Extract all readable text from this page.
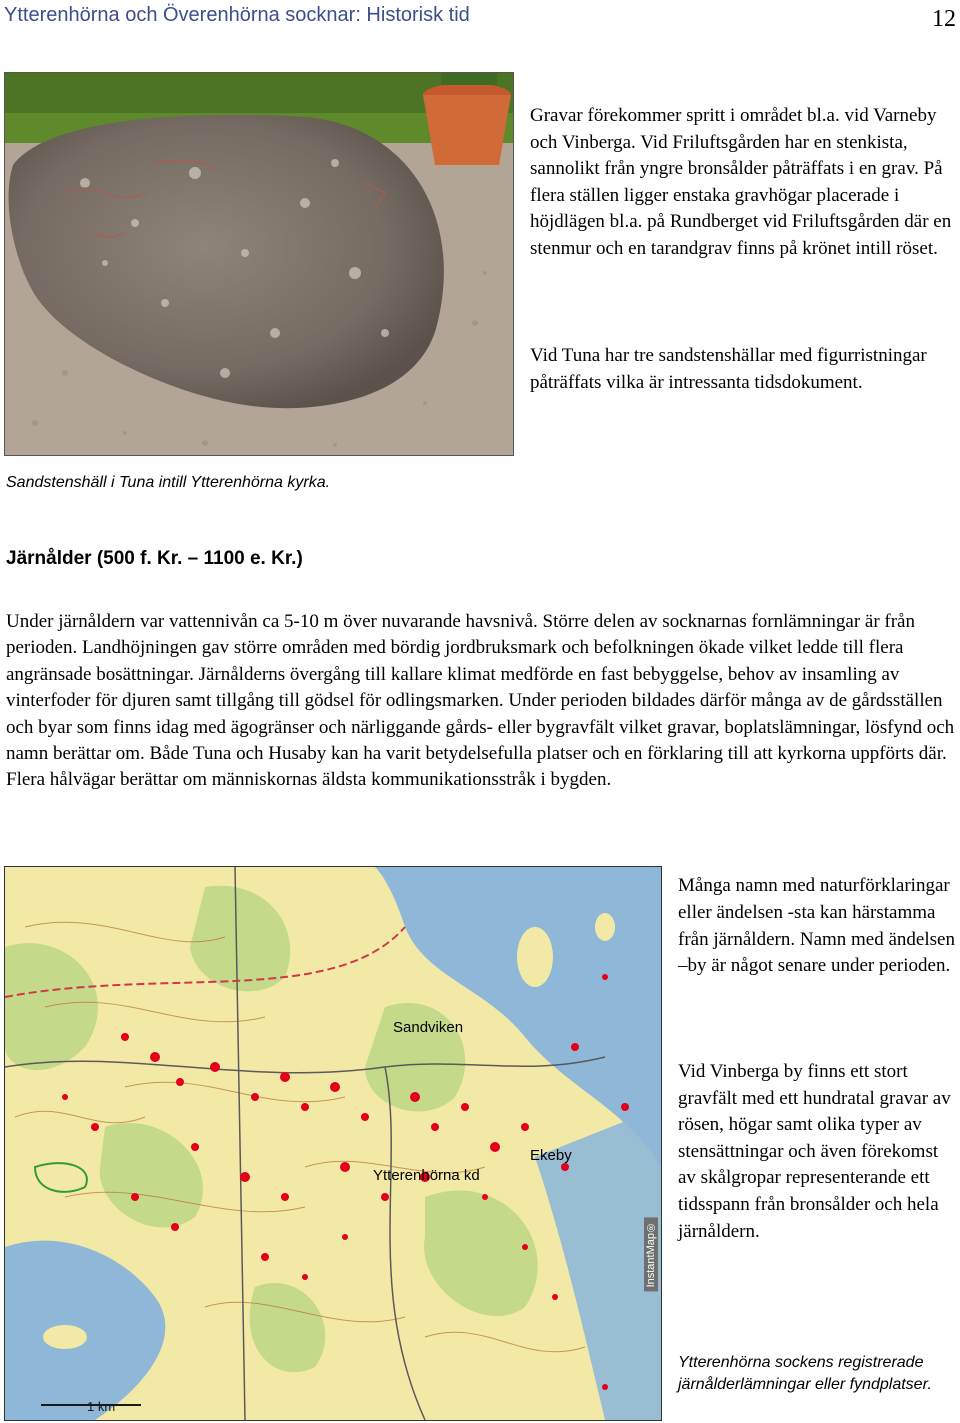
Ytterenhörna och Överenhörna socknar: Historisk tid	12
Gravar förekommer spritt i området bl.a. vid Varneby och Vinberga. Vid Friluftsgården har en stenkista, sannolikt från yngre bronsålder påträffats i en grav. På flera ställen ligger enstaka gravhögar placerade i höjdlägen bl.a. på Rundberget vid Friluftsgården där en stenmur och en tarandgrav finns på krönet intill röset.
Vid Tuna har tre sandstenshällar med figurristningar påträffats vilka är intressanta tidsdokument.
Sandstenshäll i Tuna intill Ytterenhörna kyrka.
Järnålder (500 f. Kr. – 1100 e. Kr.)
Under järnåldern var vattennivån ca 5-10 m över nuvarande havsnivå. Större delen av socknarnas fornlämningar är från perioden. Landhöjningen gav större områden med bördig jordbruksmark och befolkningen ökade vilket ledde till flera angränsade bosättningar. Järnålderns övergång till kallare klimat medförde en fast bebyggelse, behov av insamling av vinterfoder för djuren samt tillgång till gödsel för odlingsmarken. Under perioden bildades därför många av de gårdsställen och byar som finns idag med ägogränser och närliggande gårds- eller bygravfält vilket gravar, boplatslämningar, lösfynd och namn berättar om. Både Tuna och Husaby kan ha varit betydelsefulla platser och en förklaring till att kyrkorna uppförts där. Flera hålvägar berättar om människornas äldsta kommunikationsstråk i bygden.
Sandviken
Ytterenhörna kd
Ekeby
1 km
InstantMap®
Många namn med naturförklaringar eller ändelsen -sta kan härstamma från järnåldern. Namn med ändelsen –by är något senare under perioden.
Vid Vinberga by finns ett stort gravfält med ett hundratal gravar av rösen, högar samt olika typer av stensättningar och även förekomst av skålgropar representerande ett tidsspann från bronsålder och hela järnåldern.
Ytterenhörna sockens registrerade järnålderlämningar eller fyndplatser.
